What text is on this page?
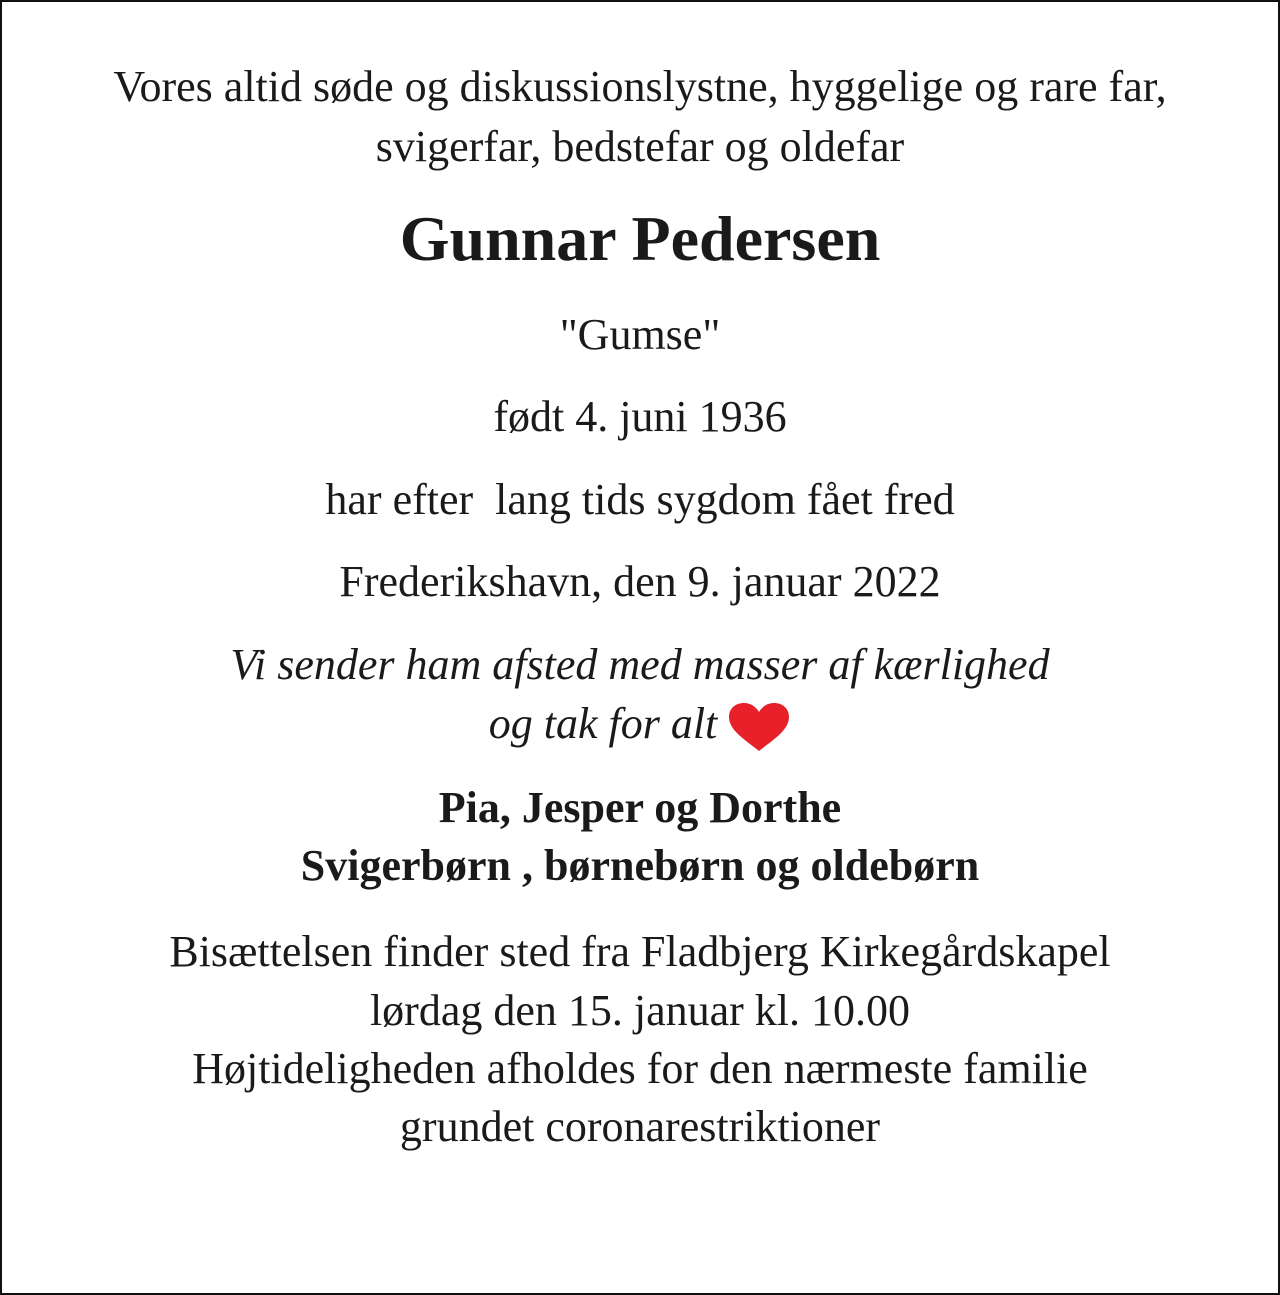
Vores altid søde og diskussionslystne, hyggelige og rare far,
svigerfar, bedstefar og oldefar
Gunnar Pedersen
"Gumse"
født 4. juni 1936
har efter  lang tids sygdom fået fred
Frederikshavn, den 9. januar 2022
Vi sender ham afsted med masser af kærlighed
og tak for alt
Pia, Jesper og Dorthe
Svigerbørn , børnebørn og oldebørn
Bisættelsen finder sted fra Fladbjerg Kirkegårdskapel
lørdag den 15. januar kl. 10.00
Højtideligheden afholdes for den nærmeste familie
grundet coronarestriktioner
